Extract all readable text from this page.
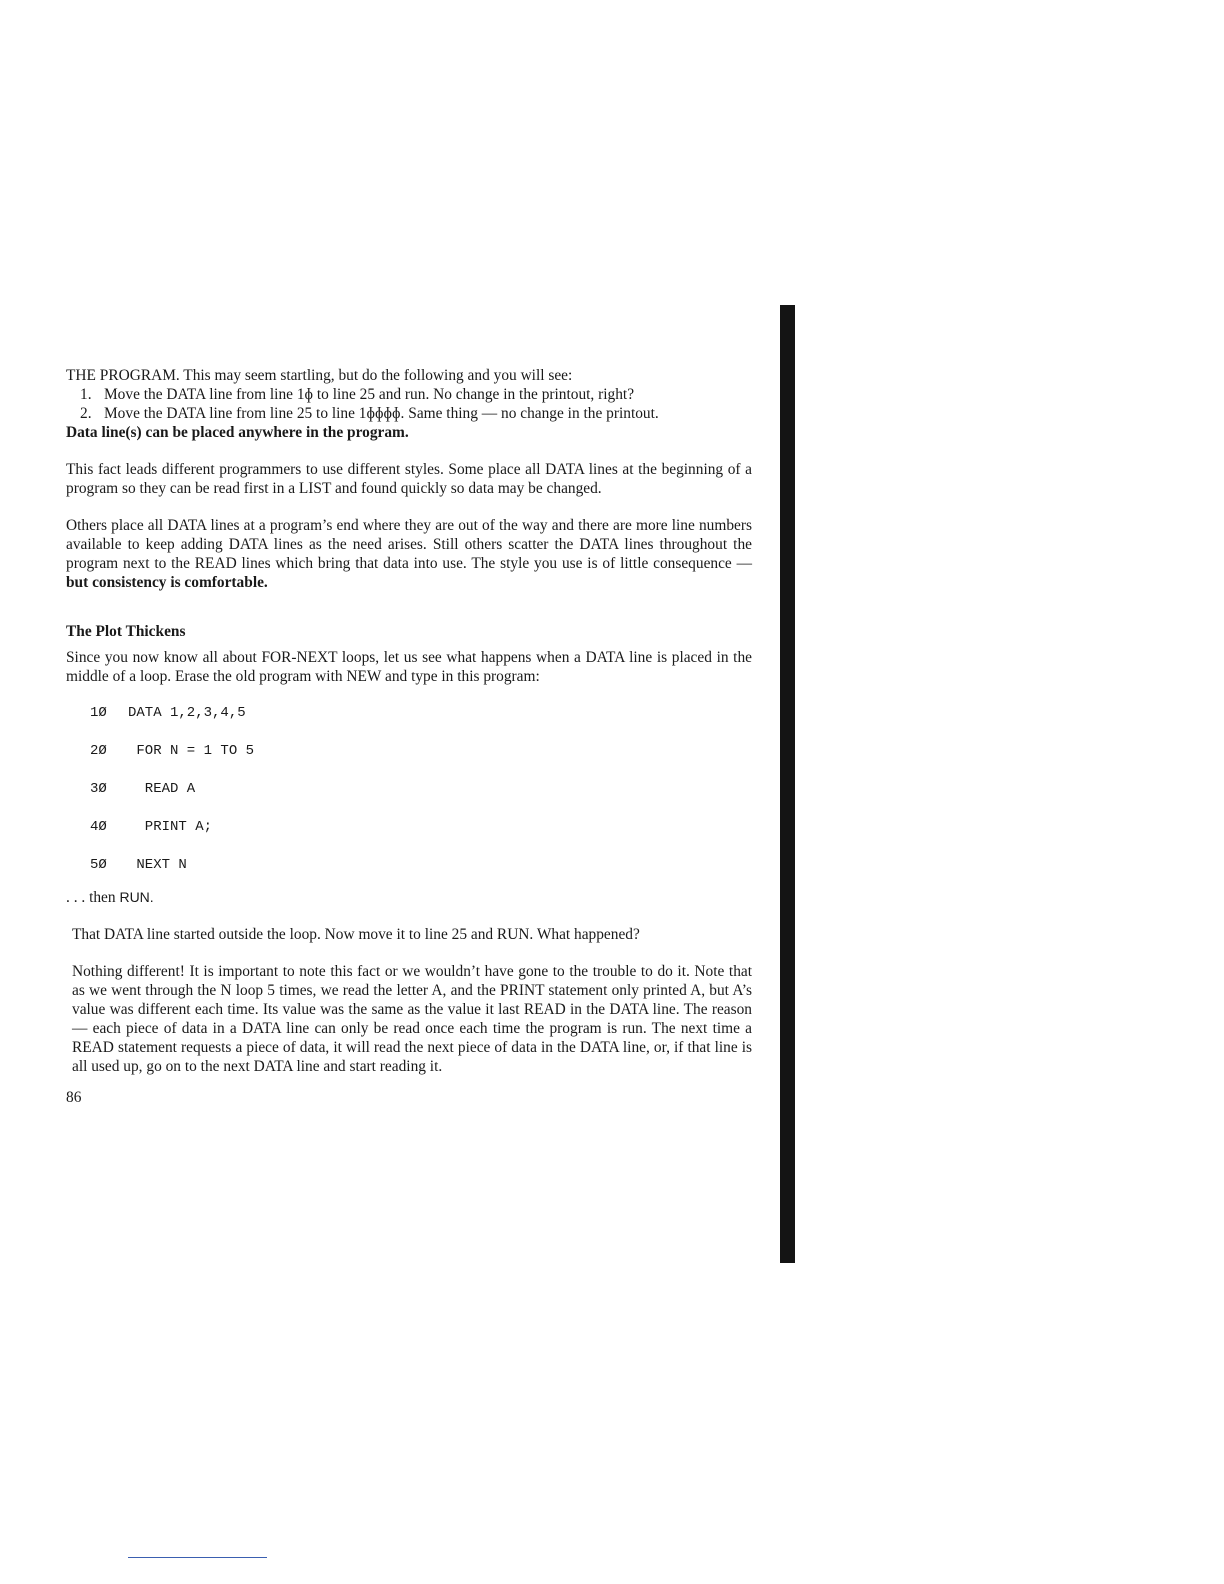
THE PROGRAM. This may seem startling, but do the following and you will see:

1. Move the DATA line from line 1ɸ to line 25 and run. No change in the printout, right?
2. Move the DATA line from line 25 to line 1ɸɸɸɸ. Same thing — no change in the printout.

Data line(s) can be placed anywhere in the program.

This fact leads different programmers to use different styles. Some place all DATA lines at the beginning of a program so they can be read first in a LIST and found quickly so data may be changed.

Others place all DATA lines at a program’s end where they are out of the way and there are more line numbers available to keep adding DATA lines as the need arises. Still others scatter the DATA lines throughout the program next to the READ lines which bring that data into use. The style you use is of little consequence — but consistency is comfortable.

The Plot Thickens

Since you now know all about FOR-NEXT loops, let us see what happens when a DATA line is placed in the middle of a loop. Erase the old program with NEW and type in this program:

1Ø	DATA 1,2,3,4,5
2Ø	FOR N = 1 TO 5
3Ø	READ A
4Ø	PRINT A;
5Ø	NEXT N

. . . then RUN.

That DATA line started outside the loop. Now move it to line 25 and RUN. What happened?

Nothing different! It is important to note this fact or we wouldn’t have gone to the trouble to do it. Note that as we went through the N loop 5 times, we read the letter A, and the PRINT statement only printed A, but A’s value was different each time. Its value was the same as the value it last READ in the DATA line. The reason — each piece of data in a DATA line can only be read once each time the program is run. The next time a READ statement requests a piece of data, it will read the next piece of data in the DATA line, or, if that line is all used up, go on to the next DATA line and start reading it.

86
